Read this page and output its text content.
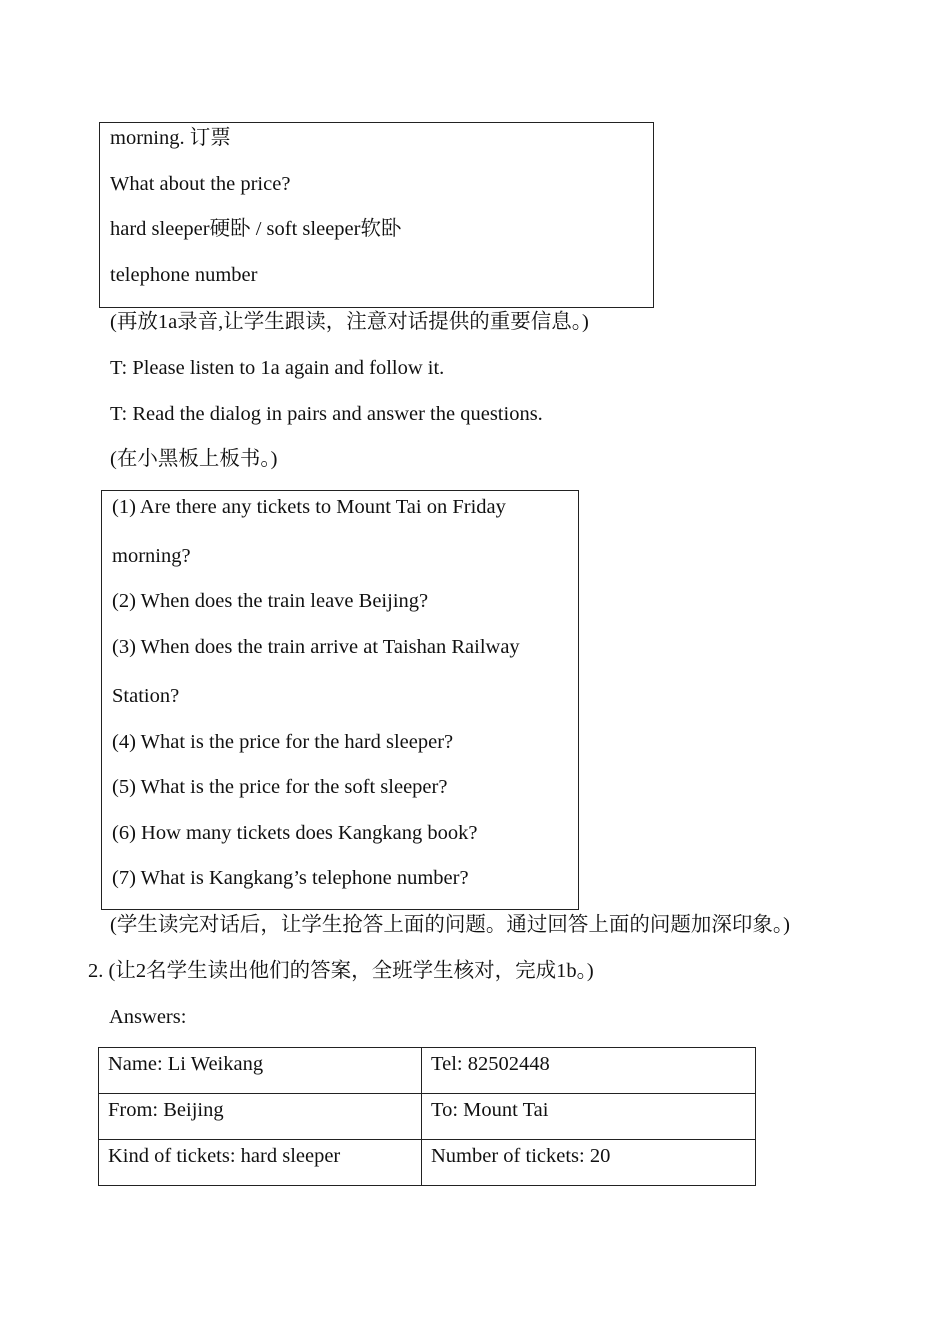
morning. 订票
What about the price?
hard sleeper硬卧 / soft sleeper软卧
telephone number
(再放1a录音,让学生跟读，注意对话提供的重要信息。)
T: Please listen to 1a again and follow it.
T: Read the dialog in pairs and answer the questions.
(在小黑板上板书。)
(1) Are there any tickets to Mount Tai on Friday
morning?
(2) When does the train leave Beijing?
(3) When does the train arrive at Taishan Railway
Station?
(4) What is the price for the hard sleeper?
(5) What is the price for the soft sleeper?
(6) How many tickets does Kangkang book?
(7) What is Kangkang’s telephone number?
(学生读完对话后，让学生抢答上面的问题。通过回答上面的问题加深印象。)
2. (让2名学生读出他们的答案，全班学生核对，完成1b。)
Answers:
Name: Li Weikang	Tel: 82502448
From: Beijing	To: Mount Tai
Kind of tickets: hard sleeper	Number of tickets: 20
